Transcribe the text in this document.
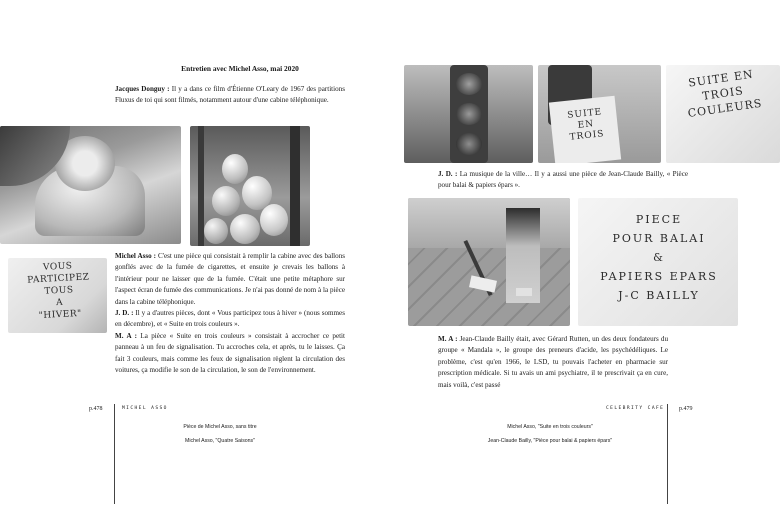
Entretien avec Michel Asso, mai 2020
Jacques Donguy : Il y a dans ce film d'Étienne O'Leary de 1967 des partitions Fluxus de toi qui sont filmés, notamment autour d'une cabine téléphonique.
VOUS
PARTICIPEZ
TOUS
A
"HIVER"
Michel Asso : C'est une pièce qui consistait à remplir la cabine avec des ballons gonflés avec de la fumée de cigarettes, et ensuite je crevais les ballons à l'intérieur pour ne laisser que de la fumée. C'était une petite métaphore sur l'aspect écran de fumée des communications. Je n'ai pas donné de nom à la pièce dans la cabine téléphonique.
J. D. : Il y a d'autres pièces, dont « Vous participez tous à hiver » (nous sommes en décembre), et « Suite en trois couleurs ».
M. A : La pièce « Suite en trois couleurs » consistait à accrocher ce petit panneau à un feu de signalisation. Tu accroches cela, et après, tu le laisses. Ça fait 3 couleurs, mais comme les feux de signalisation règlent la circulation des voitures, ça modifie le son de la circulation, le son de l'environnement.
p.478	MICHEL ASSO
Pièce de Michel Asso, sans titre
Michel Asso, "Quatre Saisons"
SUITE
EN
TROIS
SUITE EN
TROIS
COULEURS
J. D. : La musique de la ville… Il y a aussi une pièce de Jean-Claude Bailly, « Pièce pour balai & papiers épars ».
PIECE
POUR BALAI
&
PAPIERS EPARS
J-C BAILLY
M. A : Jean-Claude Bailly était, avec Gérard Rutten, un des deux fondateurs du groupe « Mandala », le groupe des preneurs d'acide, les psychédéliques. Le problème, c'est qu'en 1966, le LSD, tu pouvais l'acheter en pharmacie sur prescription médicale. Si tu avais un ami psychiatre, il te prescrivait ça en cure, mais voilà, c'est passé
CELEBRITY CAFE p.479
Michel Asso, "Suite en trois couleurs"
Jean-Claude Bailly, "Pièce pour balai & papiers épars"
